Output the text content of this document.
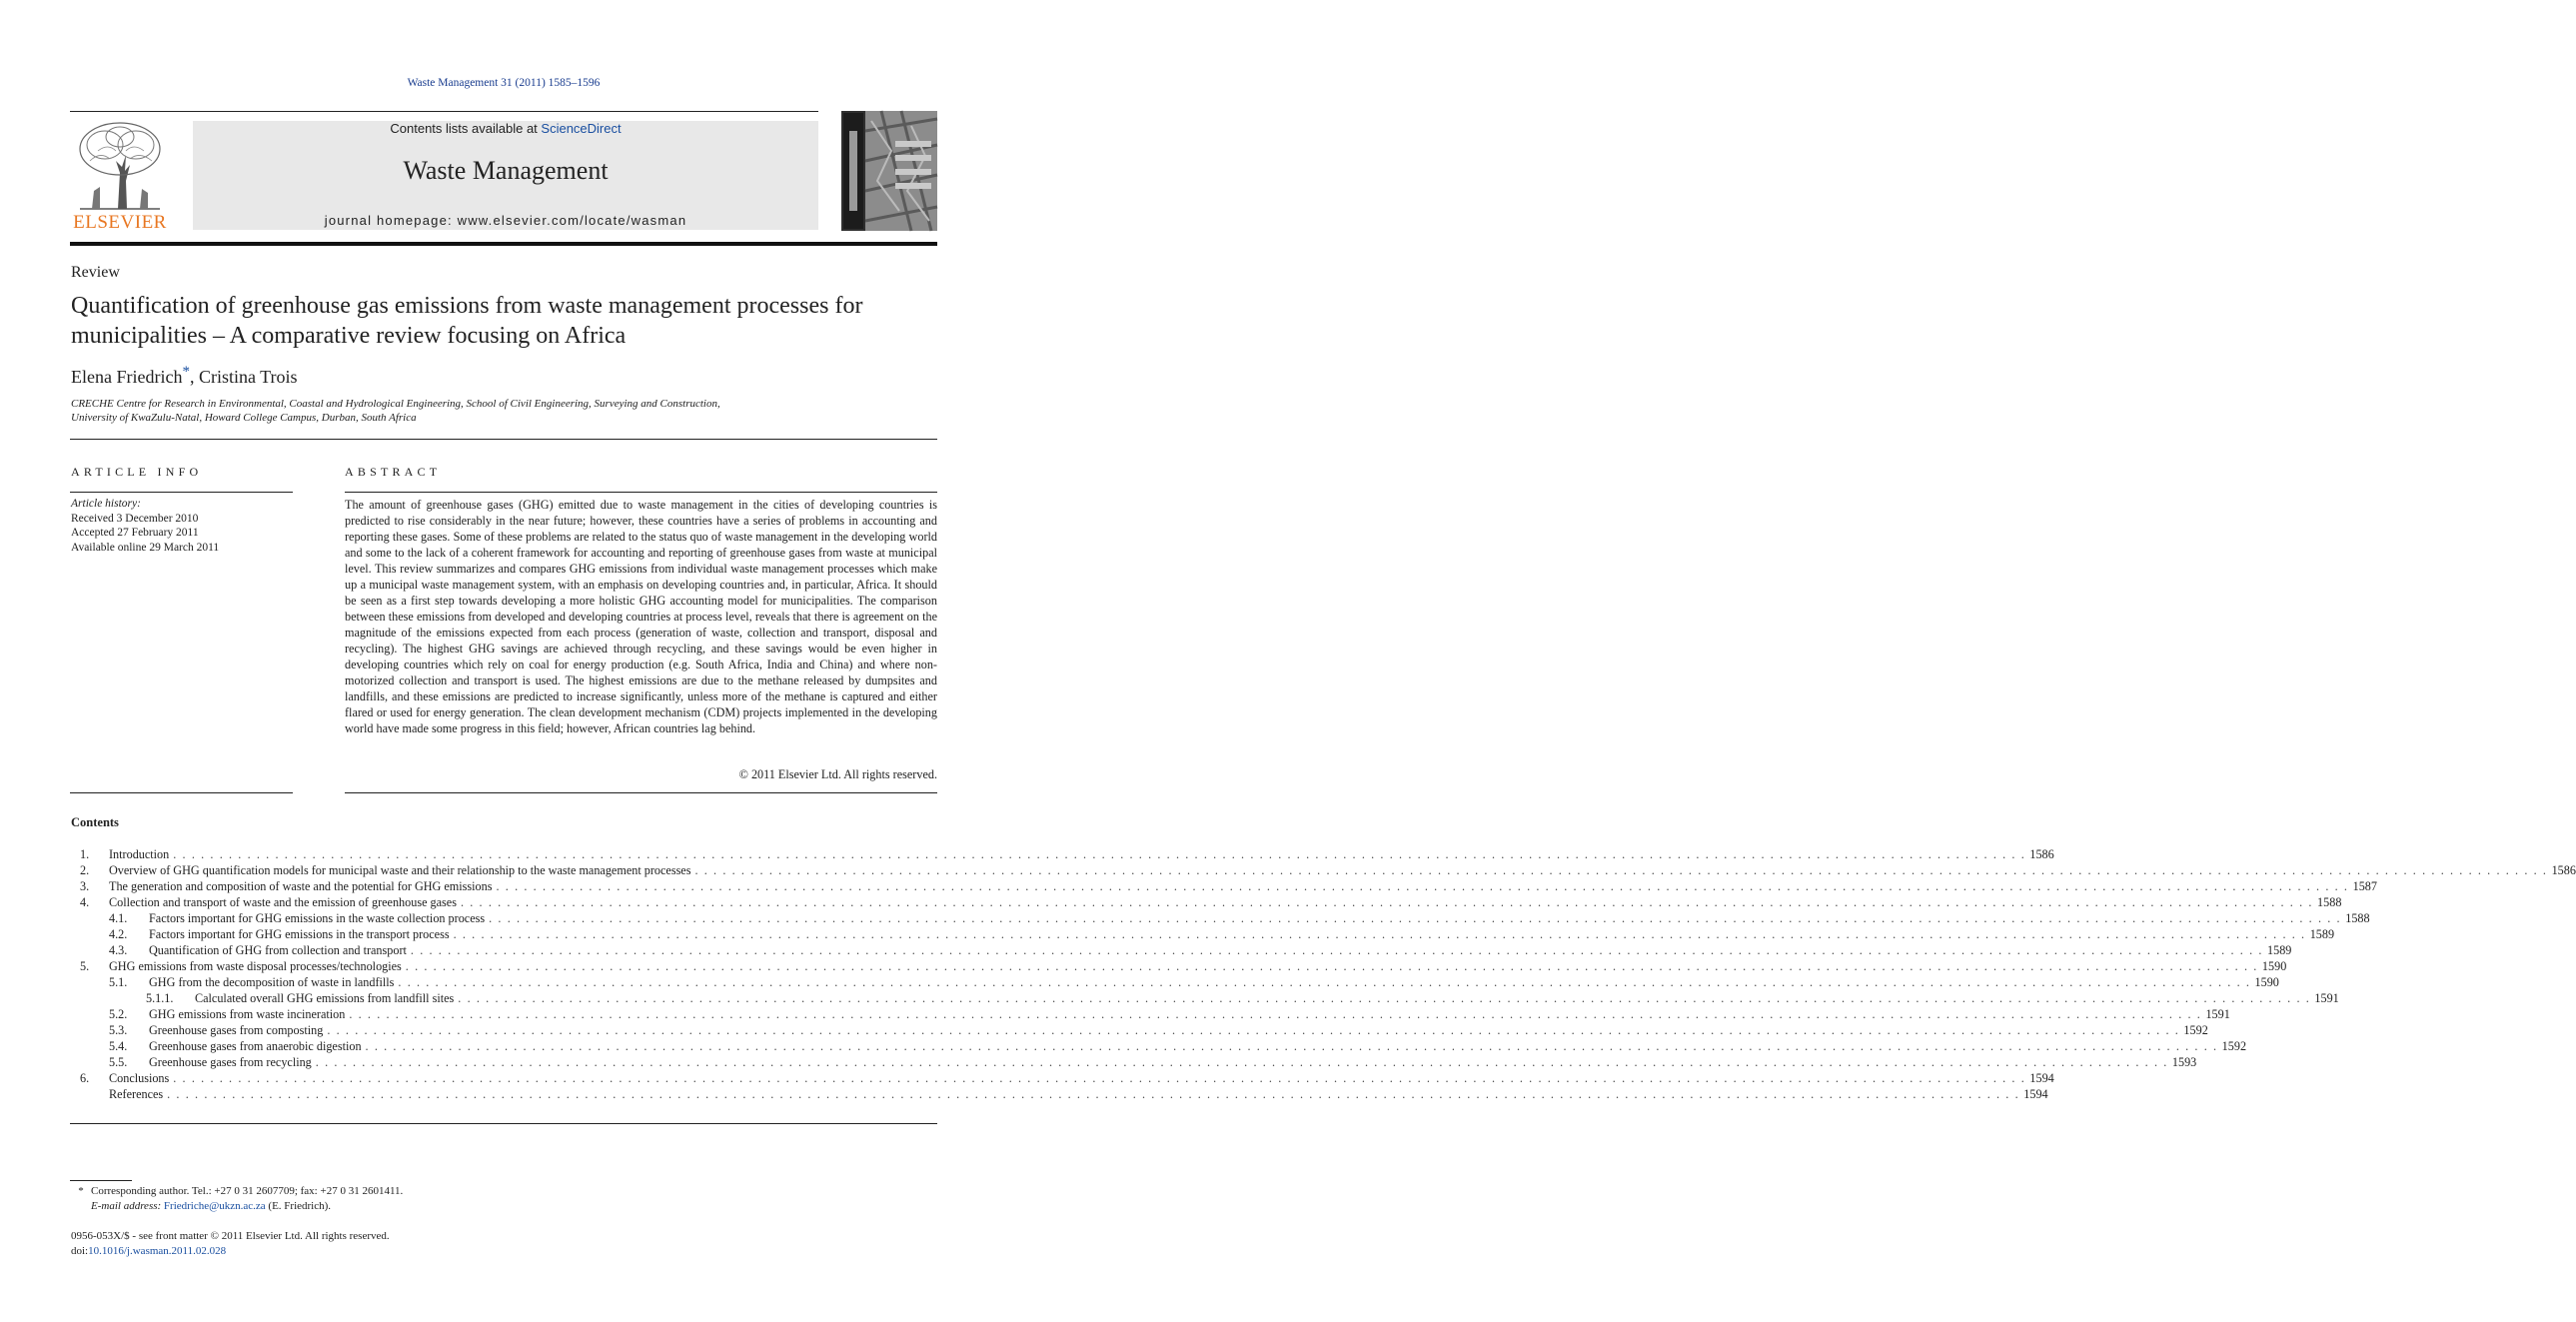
Waste Management 31 (2011) 1585–1596
ELSEVIER
Contents lists available at ScienceDirect
Waste Management
journal homepage: www.elsevier.com/locate/wasman
Review
Quantification of greenhouse gas emissions from waste management processes for municipalities – A comparative review focusing on Africa
Elena Friedrich*, Cristina Trois
CRECHE Centre for Research in Environmental, Coastal and Hydrological Engineering, School of Civil Engineering, Surveying and Construction,
University of KwaZulu-Natal, Howard College Campus, Durban, South Africa
ARTICLE INFO
Article history:
Received 3 December 2010
Accepted 27 February 2011
Available online 29 March 2011
ABSTRACT
The amount of greenhouse gases (GHG) emitted due to waste management in the cities of developing countries is predicted to rise considerably in the near future; however, these countries have a series of problems in accounting and reporting these gases. Some of these problems are related to the status quo of waste management in the developing world and some to the lack of a coherent framework for accounting and reporting of greenhouse gases from waste at municipal level. This review summarizes and compares GHG emissions from individual waste management processes which make up a municipal waste management system, with an emphasis on developing countries and, in particular, Africa. It should be seen as a first step towards developing a more holistic GHG accounting model for municipalities. The comparison between these emissions from developed and developing countries at process level, reveals that there is agreement on the magnitude of the emissions expected from each process (generation of waste, collection and transport, disposal and recycling). The highest GHG savings are achieved through recycling, and these savings would be even higher in developing countries which rely on coal for energy production (e.g. South Africa, India and China) and where non-motorized collection and transport is used. The highest emissions are due to the methane released by dumpsites and landfills, and these emissions are predicted to increase significantly, unless more of the methane is captured and either flared or used for energy generation. The clean development mechanism (CDM) projects implemented in the developing world have made some progress in this field; however, African countries lag behind.
© 2011 Elsevier Ltd. All rights reserved.
Contents
1. Introduction . . . . . . . . . . . . . . . . . . . . . . . . . . . . . . . . . . . . . . . . . . . . . . . . . . . . . . . . . . . . . . . . . . . . . . . . . . . . . . . . . . . . . . . . . . . . . . . . . . . . . . . . . . . . . . . . . . . . . . . . . . . . . . . . . . . . . . . . . . . . . . . . . . . . . . . . . . . . . . . . . . . . . . . . . . . . . . . . . . . . . . . . . . . . . . . . . . . . . . . . 1586
2. Overview of GHG quantification models for municipal waste and their relationship to the waste management processes . . . . . . . . . . . . . . . . . . . . . . . . . . . . . . . . . . . . . . . . . . . . . . . . . . . . . . . . . . . . . . . . . . . . . . . . . . . . . . . . . . . . . . . . . . . . . . . . . . . . . . . . . . . . . . . . . . . . . . . . . . . . . . . . . . . . . . . . . . . . . . . . . . . . . . . . . . . . . . . . . . . . . . . . . . . . . . . . . . . . . . . . . . . . . . . . . . . . . . . . 1586
3. The generation and composition of waste and the potential for GHG emissions . . . . . . . . . . . . . . . . . . . . . . . . . . . . . . . . . . . . . . . . . . . . . . . . . . . . . . . . . . . . . . . . . . . . . . . . . . . . . . . . . . . . . . . . . . . . . . . . . . . . . . . . . . . . . . . . . . . . . . . . . . . . . . . . . . . . . . . . . . . . . . . . . . . . . . . . . . . . . . . . . . . . . . . . . . . . . . . . . . . . . . . . . . . . . . . . . . . . . . . . 1587
4. Collection and transport of waste and the emission of greenhouse gases . . . . . . . . . . . . . . . . . . . . . . . . . . . . . . . . . . . . . . . . . . . . . . . . . . . . . . . . . . . . . . . . . . . . . . . . . . . . . . . . . . . . . . . . . . . . . . . . . . . . . . . . . . . . . . . . . . . . . . . . . . . . . . . . . . . . . . . . . . . . . . . . . . . . . . . . . . . . . . . . . . . . . . . . . . . . . . . . . . . . . . . . . . . . . . . . . . . . . . . . 1588
4.1. Factors important for GHG emissions in the waste collection process . . . . . . . . . . . . . . . . . . . . . . . . . . . . . . . . . . . . . . . . . . . . . . . . . . . . . . . . . . . . . . . . . . . . . . . . . . . . . . . . . . . . . . . . . . . . . . . . . . . . . . . . . . . . . . . . . . . . . . . . . . . . . . . . . . . . . . . . . . . . . . . . . . . . . . . . . . . . . . . . . . . . . . . . . . . . . . . . . . . . . . . . . . . . . . . . . . . . . . . . 1588
4.2. Factors important for GHG emissions in the transport process . . . . . . . . . . . . . . . . . . . . . . . . . . . . . . . . . . . . . . . . . . . . . . . . . . . . . . . . . . . . . . . . . . . . . . . . . . . . . . . . . . . . . . . . . . . . . . . . . . . . . . . . . . . . . . . . . . . . . . . . . . . . . . . . . . . . . . . . . . . . . . . . . . . . . . . . . . . . . . . . . . . . . . . . . . . . . . . . . . . . . . . . . . . . . . . . . . . . . . . . 1589
4.3. Quantification of GHG from collection and transport . . . . . . . . . . . . . . . . . . . . . . . . . . . . . . . . . . . . . . . . . . . . . . . . . . . . . . . . . . . . . . . . . . . . . . . . . . . . . . . . . . . . . . . . . . . . . . . . . . . . . . . . . . . . . . . . . . . . . . . . . . . . . . . . . . . . . . . . . . . . . . . . . . . . . . . . . . . . . . . . . . . . . . . . . . . . . . . . . . . . . . . . . . . . . . . . . . . . . . . . 1589
5. GHG emissions from waste disposal processes/technologies . . . . . . . . . . . . . . . . . . . . . . . . . . . . . . . . . . . . . . . . . . . . . . . . . . . . . . . . . . . . . . . . . . . . . . . . . . . . . . . . . . . . . . . . . . . . . . . . . . . . . . . . . . . . . . . . . . . . . . . . . . . . . . . . . . . . . . . . . . . . . . . . . . . . . . . . . . . . . . . . . . . . . . . . . . . . . . . . . . . . . . . . . . . . . . . . . . . . . . . . 1590
5.1. GHG from the decomposition of waste in landfills . . . . . . . . . . . . . . . . . . . . . . . . . . . . . . . . . . . . . . . . . . . . . . . . . . . . . . . . . . . . . . . . . . . . . . . . . . . . . . . . . . . . . . . . . . . . . . . . . . . . . . . . . . . . . . . . . . . . . . . . . . . . . . . . . . . . . . . . . . . . . . . . . . . . . . . . . . . . . . . . . . . . . . . . . . . . . . . . . . . . . . . . . . . . . . . . . . . . . . . . 1590
5.1.1. Calculated overall GHG emissions from landfill sites . . . . . . . . . . . . . . . . . . . . . . . . . . . . . . . . . . . . . . . . . . . . . . . . . . . . . . . . . . . . . . . . . . . . . . . . . . . . . . . . . . . . . . . . . . . . . . . . . . . . . . . . . . . . . . . . . . . . . . . . . . . . . . . . . . . . . . . . . . . . . . . . . . . . . . . . . . . . . . . . . . . . . . . . . . . . . . . . . . . . . . . . . . . . . . . . . . . . . . . . 1591
5.2. GHG emissions from waste incineration . . . . . . . . . . . . . . . . . . . . . . . . . . . . . . . . . . . . . . . . . . . . . . . . . . . . . . . . . . . . . . . . . . . . . . . . . . . . . . . . . . . . . . . . . . . . . . . . . . . . . . . . . . . . . . . . . . . . . . . . . . . . . . . . . . . . . . . . . . . . . . . . . . . . . . . . . . . . . . . . . . . . . . . . . . . . . . . . . . . . . . . . . . . . . . . . . . . . . . . . 1591
5.3. Greenhouse gases from composting . . . . . . . . . . . . . . . . . . . . . . . . . . . . . . . . . . . . . . . . . . . . . . . . . . . . . . . . . . . . . . . . . . . . . . . . . . . . . . . . . . . . . . . . . . . . . . . . . . . . . . . . . . . . . . . . . . . . . . . . . . . . . . . . . . . . . . . . . . . . . . . . . . . . . . . . . . . . . . . . . . . . . . . . . . . . . . . . . . . . . . . . . . . . . . . . . . . . . . . . 1592
5.4. Greenhouse gases from anaerobic digestion . . . . . . . . . . . . . . . . . . . . . . . . . . . . . . . . . . . . . . . . . . . . . . . . . . . . . . . . . . . . . . . . . . . . . . . . . . . . . . . . . . . . . . . . . . . . . . . . . . . . . . . . . . . . . . . . . . . . . . . . . . . . . . . . . . . . . . . . . . . . . . . . . . . . . . . . . . . . . . . . . . . . . . . . . . . . . . . . . . . . . . . . . . . . . . . . . . . . . . . . 1592
5.5. Greenhouse gases from recycling . . . . . . . . . . . . . . . . . . . . . . . . . . . . . . . . . . . . . . . . . . . . . . . . . . . . . . . . . . . . . . . . . . . . . . . . . . . . . . . . . . . . . . . . . . . . . . . . . . . . . . . . . . . . . . . . . . . . . . . . . . . . . . . . . . . . . . . . . . . . . . . . . . . . . . . . . . . . . . . . . . . . . . . . . . . . . . . . . . . . . . . . . . . . . . . . . . . . . . . . 1593
6. Conclusions . . . . . . . . . . . . . . . . . . . . . . . . . . . . . . . . . . . . . . . . . . . . . . . . . . . . . . . . . . . . . . . . . . . . . . . . . . . . . . . . . . . . . . . . . . . . . . . . . . . . . . . . . . . . . . . . . . . . . . . . . . . . . . . . . . . . . . . . . . . . . . . . . . . . . . . . . . . . . . . . . . . . . . . . . . . . . . . . . . . . . . . . . . . . . . . . . . . . . . . . 1594
References . . . . . . . . . . . . . . . . . . . . . . . . . . . . . . . . . . . . . . . . . . . . . . . . . . . . . . . . . . . . . . . . . . . . . . . . . . . . . . . . . . . . . . . . . . . . . . . . . . . . . . . . . . . . . . . . . . . . . . . . . . . . . . . . . . . . . . . . . . . . . . . . . . . . . . . . . . . . . . . . . . . . . . . . . . . . . . . . . . . . . . . . . . . . . . . . . . . . . . . . 1594
* Corresponding author. Tel.: +27 0 31 2607709; fax: +27 0 31 2601411.
E-mail address: Friedriche@ukzn.ac.za (E. Friedrich).
0956-053X/$ - see front matter © 2011 Elsevier Ltd. All rights reserved.
doi:10.1016/j.wasman.2011.02.028
